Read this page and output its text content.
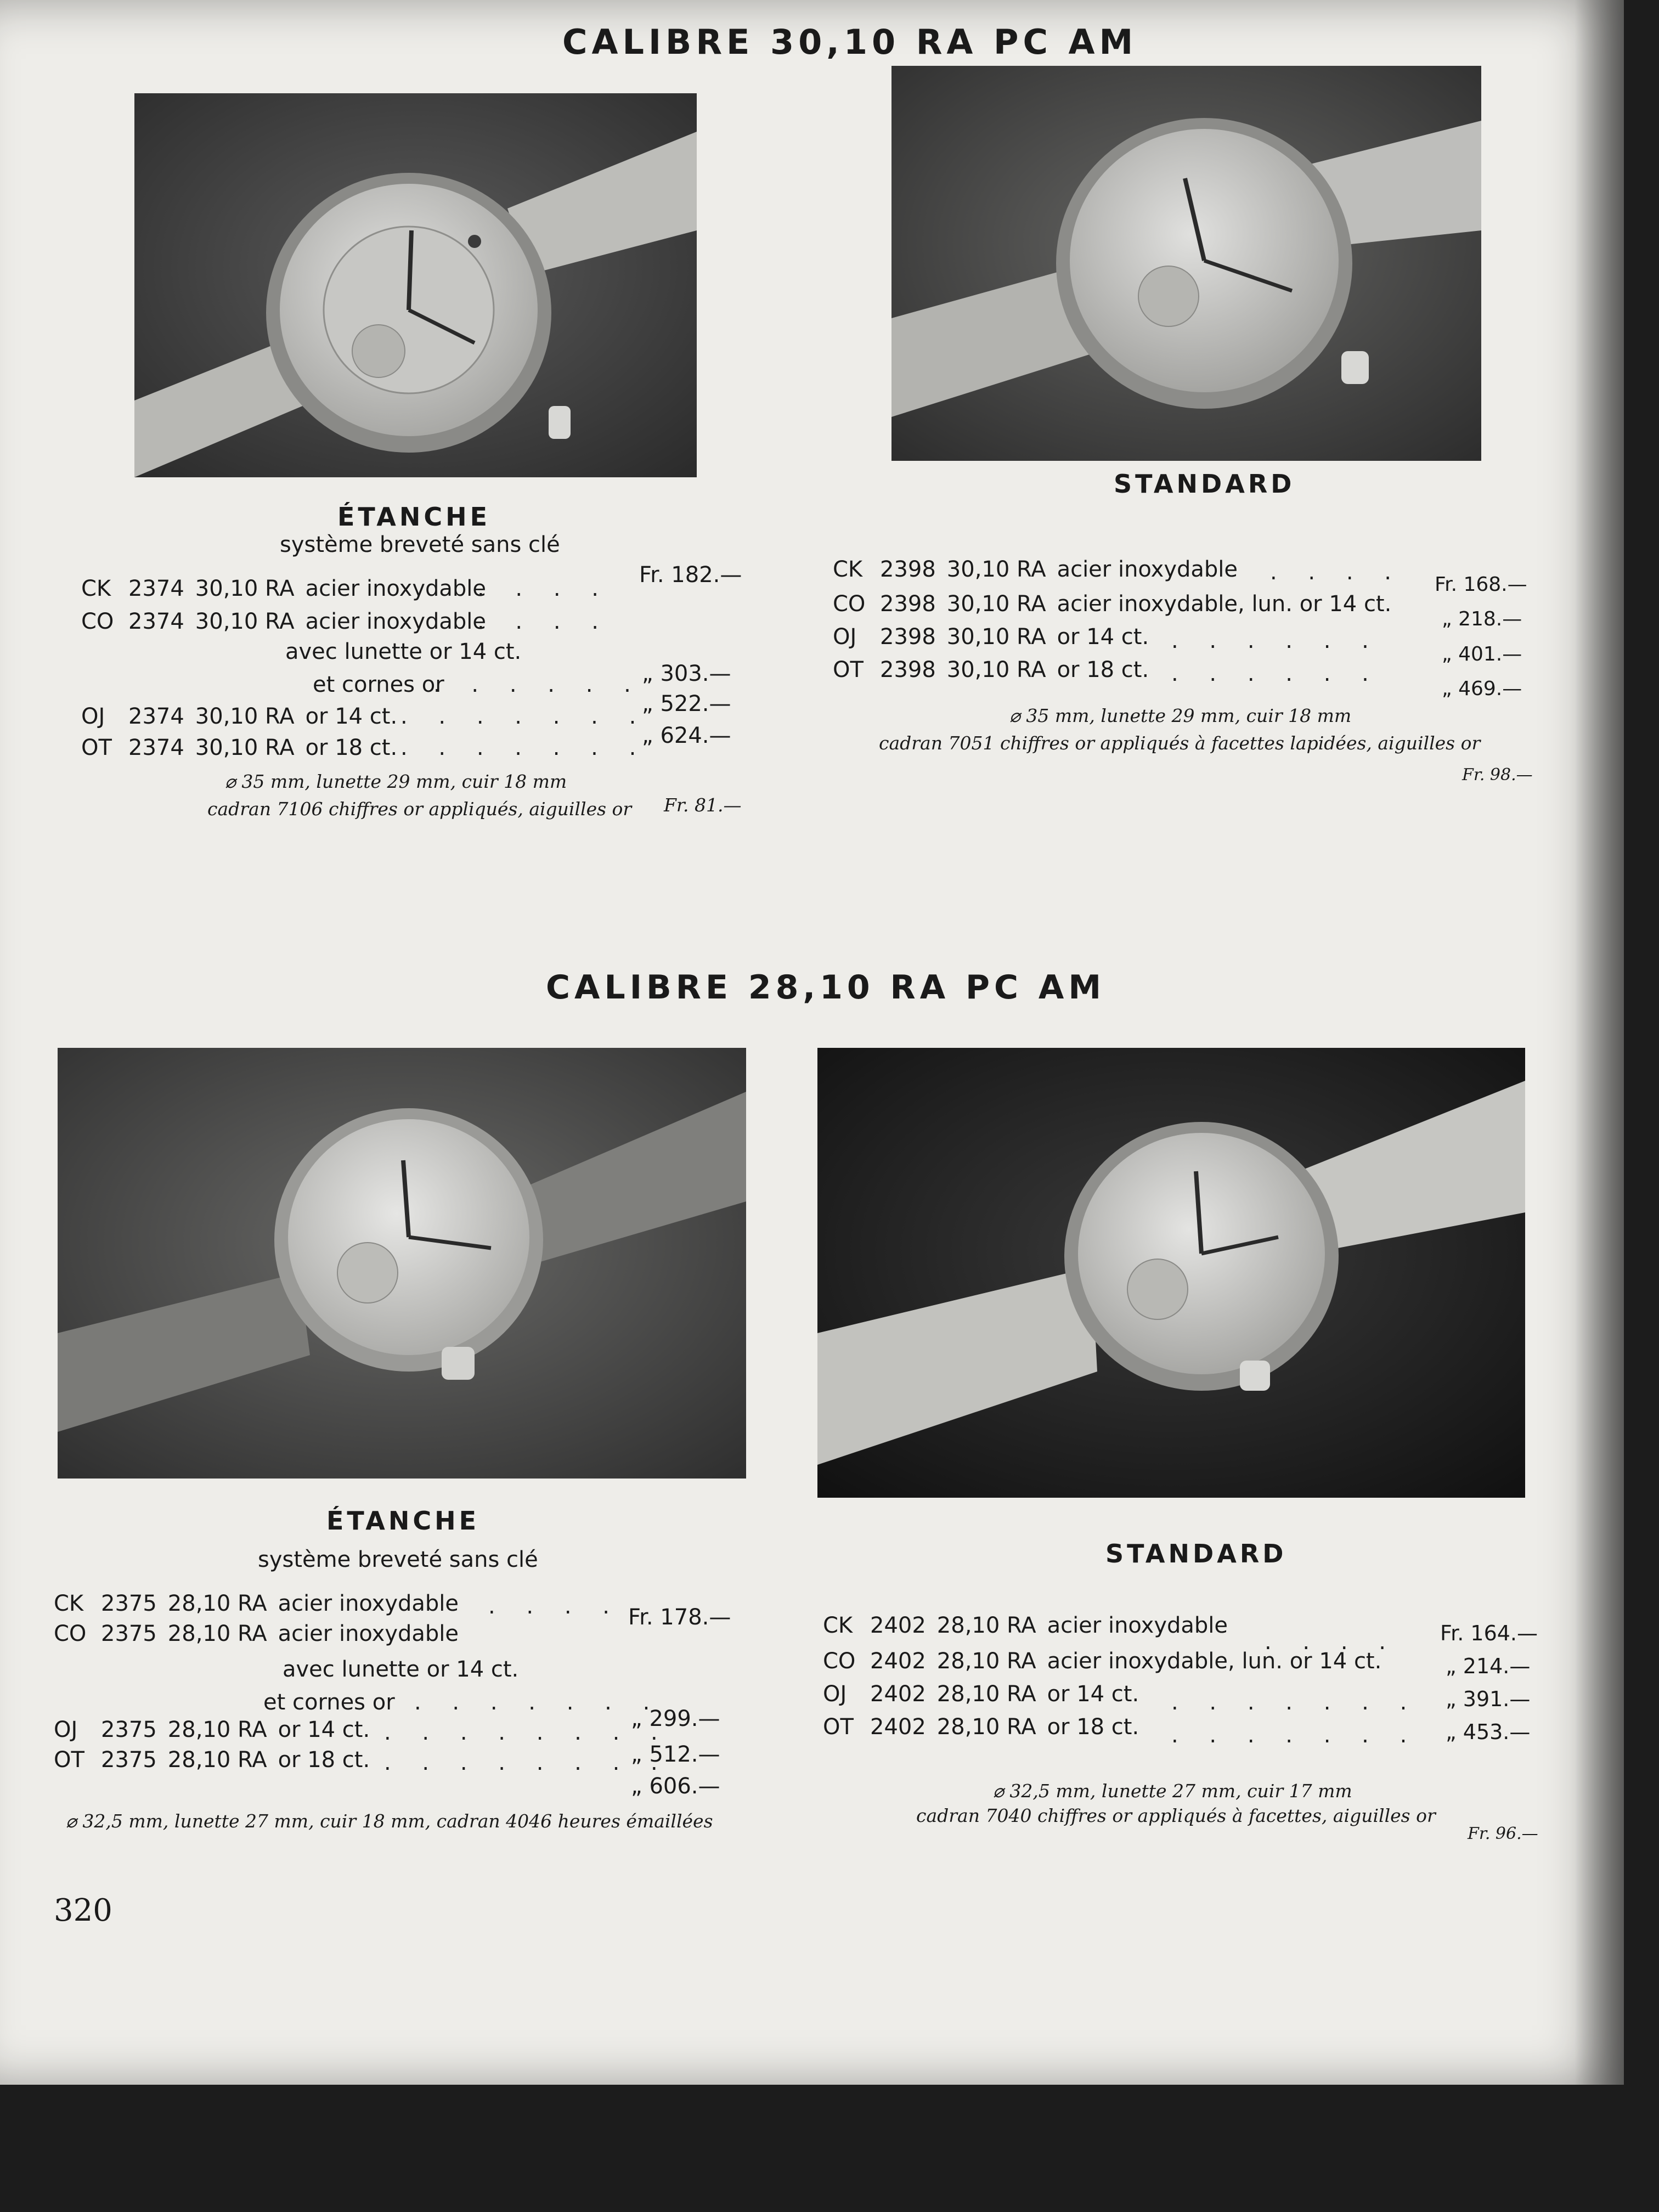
CALIBRE 30,10 RA PC AM
ÉTANCHE
système breveté sans clé
CK 2374 30,10 RA acier inoxydable
. . . .
Fr. 182.—
CO 2374 30,10 RA acier inoxydable
. . . .
avec lunette or 14 ct.
et cornes or
. . . . . .
„ 303.—
OJ 2374 30,10 RA or 14 ct. . . . . . . .
„ 522.—
OT 2374 30,10 RA or 18 ct. . . . . . . .
„ 624.—
⌀ 35 mm, lunette 29 mm, cuir 18 mm
cadran 7106 chiffres or appliqués, aiguilles or Fr. 81.—
STANDARD
CK 2398 30,10 RA acier inoxydable . . . . Fr. 168.—
CO 2398 30,10 RA acier inoxydable, lun. or 14 ct.
„ 218.—
OJ 2398 30,10 RA or 14 ct. . . . . . .
„ 401.—
OT 2398 30,10 RA or 18 ct. . . . . . .
„ 469.—
⌀ 35 mm, lunette 29 mm, cuir 18 mm
cadran 7051 chiffres or appliqués à facettes lapidées, aiguilles or
Fr. 98.—
CALIBRE 28,10 RA PC AM
ÉTANCHE
système breveté sans clé
CK 2375 28,10 RA acier inoxydable . . . . Fr. 178.—
CO 2375 28,10 RA acier inoxydable
avec lunette or 14 ct.
et cornes or . . . . . . .
„ 299.—
OJ 2375 28,10 RA or 14 ct. . . . . . . . .
„ 512.—
OT 2375 28,10 RA or 18 ct. . . . . . . . .
„ 606.—
⌀ 32,5 mm, lunette 27 mm, cuir 18 mm, cadran 4046 heures émaillées
STANDARD
CK 2402 28,10 RA acier inoxydable
. . . . Fr. 164.—
CO 2402 28,10 RA acier inoxydable, lun. or 14 ct.	„ 214.—
OJ 2402 28,10 RA or 14 ct. . . . . . . . „ 391.—
OT 2402 28,10 RA or 18 ct. . . . . . . . „ 453.—
⌀ 32,5 mm, lunette 27 mm, cuir 17 mm
cadran 7040 chiffres or appliqués à facettes, aiguilles or
Fr. 96.—
320
